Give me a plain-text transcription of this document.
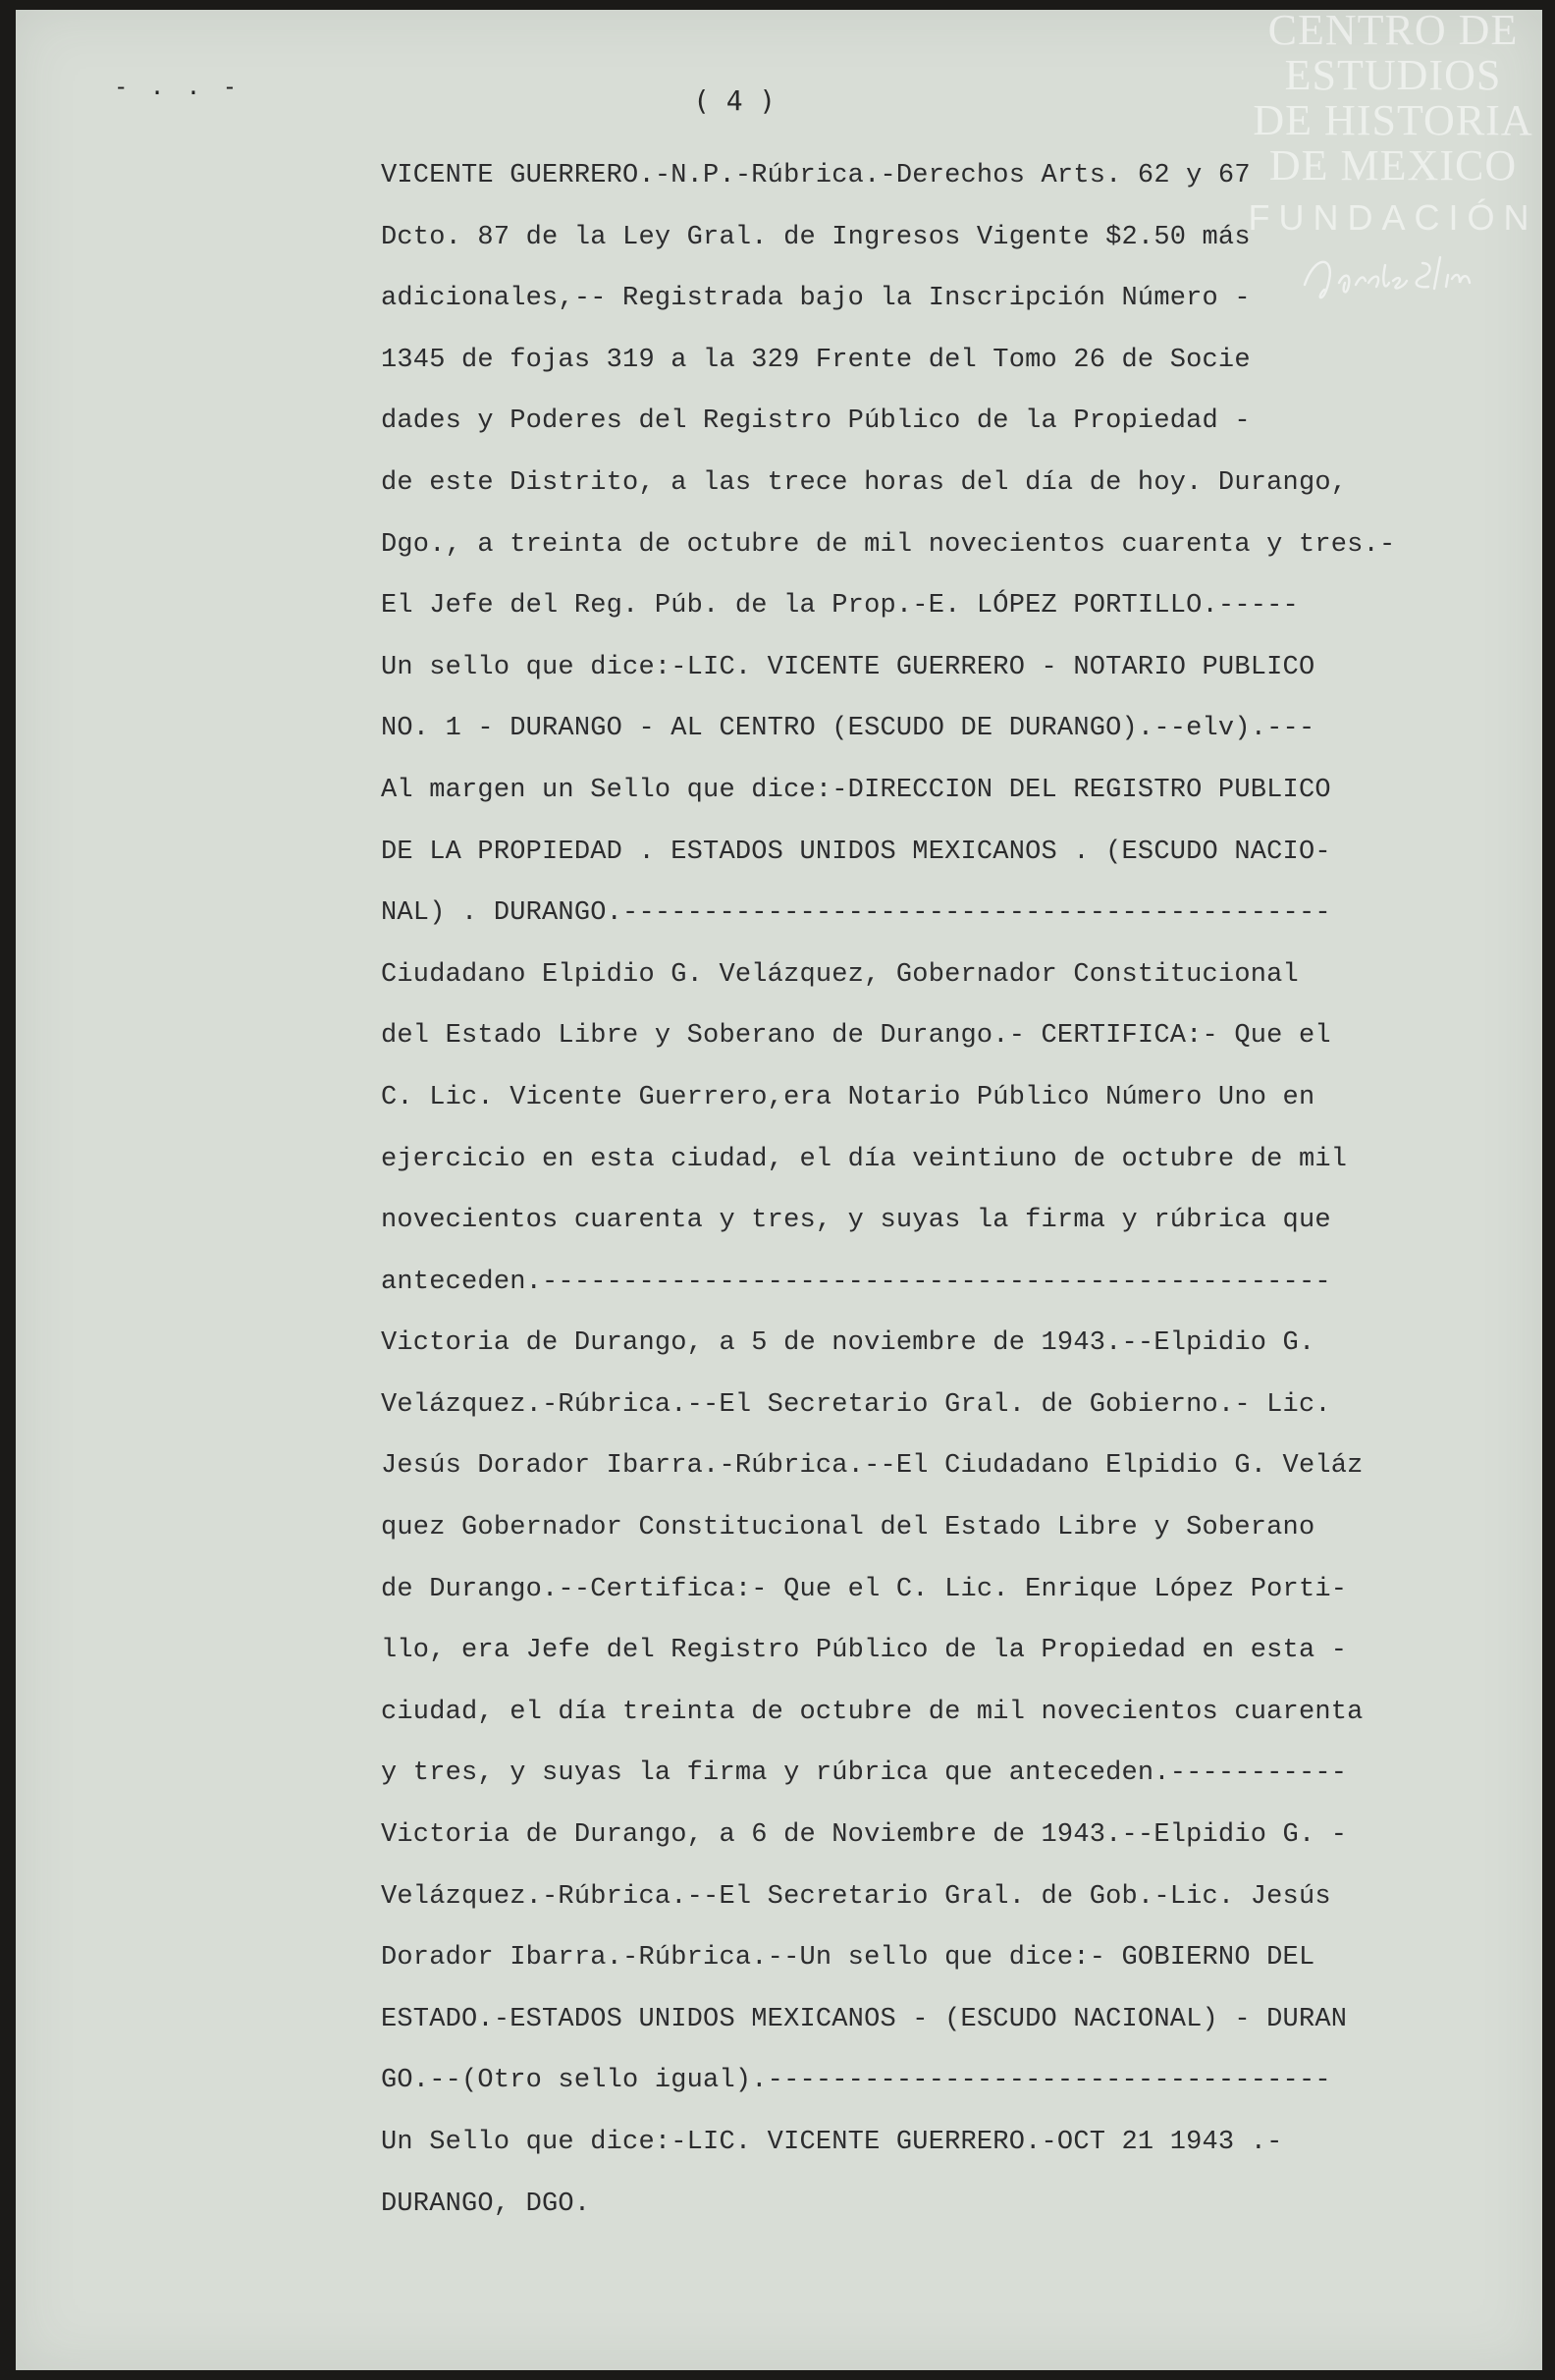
- . . -	( 4 )
VICENTE GUERRERO.-N.P.-Rúbrica.-Derechos Arts. 62 y 67
Dcto. 87 de la Ley Gral. de Ingresos Vigente $2.50 más
adicionales,-- Registrada bajo la Inscripción Número -
1345 de fojas 319 a la 329 Frente del Tomo 26 de Socie
dades y Poderes del Registro Público de la Propiedad -
de este Distrito, a las trece horas del día de hoy. Durango,
Dgo., a treinta de octubre de mil novecientos cuarenta y tres.-
El Jefe del Reg. Púb. de la Prop.-E. LÓPEZ PORTILLO.-----
Un sello que dice:-LIC. VICENTE GUERRERO - NOTARIO PUBLICO
NO. 1 - DURANGO - AL CENTRO (ESCUDO DE DURANGO).--elv).---
Al margen un Sello que dice:-DIRECCION DEL REGISTRO PUBLICO
DE LA PROPIEDAD . ESTADOS UNIDOS MEXICANOS . (ESCUDO NACIO-
NAL) . DURANGO.--------------------------------------------
Ciudadano Elpidio G. Velázquez, Gobernador Constitucional
del Estado Libre y Soberano de Durango.- CERTIFICA:- Que el
C. Lic. Vicente Guerrero,era Notario Público Número Uno en
ejercicio en esta ciudad, el día veintiuno de octubre de mil
novecientos cuarenta y tres, y suyas la firma y rúbrica que
anteceden.-------------------------------------------------
Victoria de Durango, a 5 de noviembre de 1943.--Elpidio G.
Velázquez.-Rúbrica.--El Secretario Gral. de Gobierno.- Lic.
Jesús Dorador Ibarra.-Rúbrica.--El Ciudadano Elpidio G. Veláz
quez Gobernador Constitucional del Estado Libre y Soberano
de Durango.--Certifica:- Que el C. Lic. Enrique López Porti-
llo, era Jefe del Registro Público de la Propiedad en esta -
ciudad, el día treinta de octubre de mil novecientos cuarenta
y tres, y suyas la firma y rúbrica que anteceden.-----------
Victoria de Durango, a 6 de Noviembre de 1943.--Elpidio G. -
Velázquez.-Rúbrica.--El Secretario Gral. de Gob.-Lic. Jesús
Dorador Ibarra.-Rúbrica.--Un sello que dice:- GOBIERNO DEL
ESTADO.-ESTADOS UNIDOS MEXICANOS - (ESCUDO NACIONAL) - DURAN
GO.--(Otro sello igual).-----------------------------------
Un Sello que dice:-LIC. VICENTE GUERRERO.-OCT 21 1943 .-
DURANGO, DGO.
CENTRO DE
ESTUDIOS
DE HISTORIA
DE MEXICO
FUNDACIÓN
